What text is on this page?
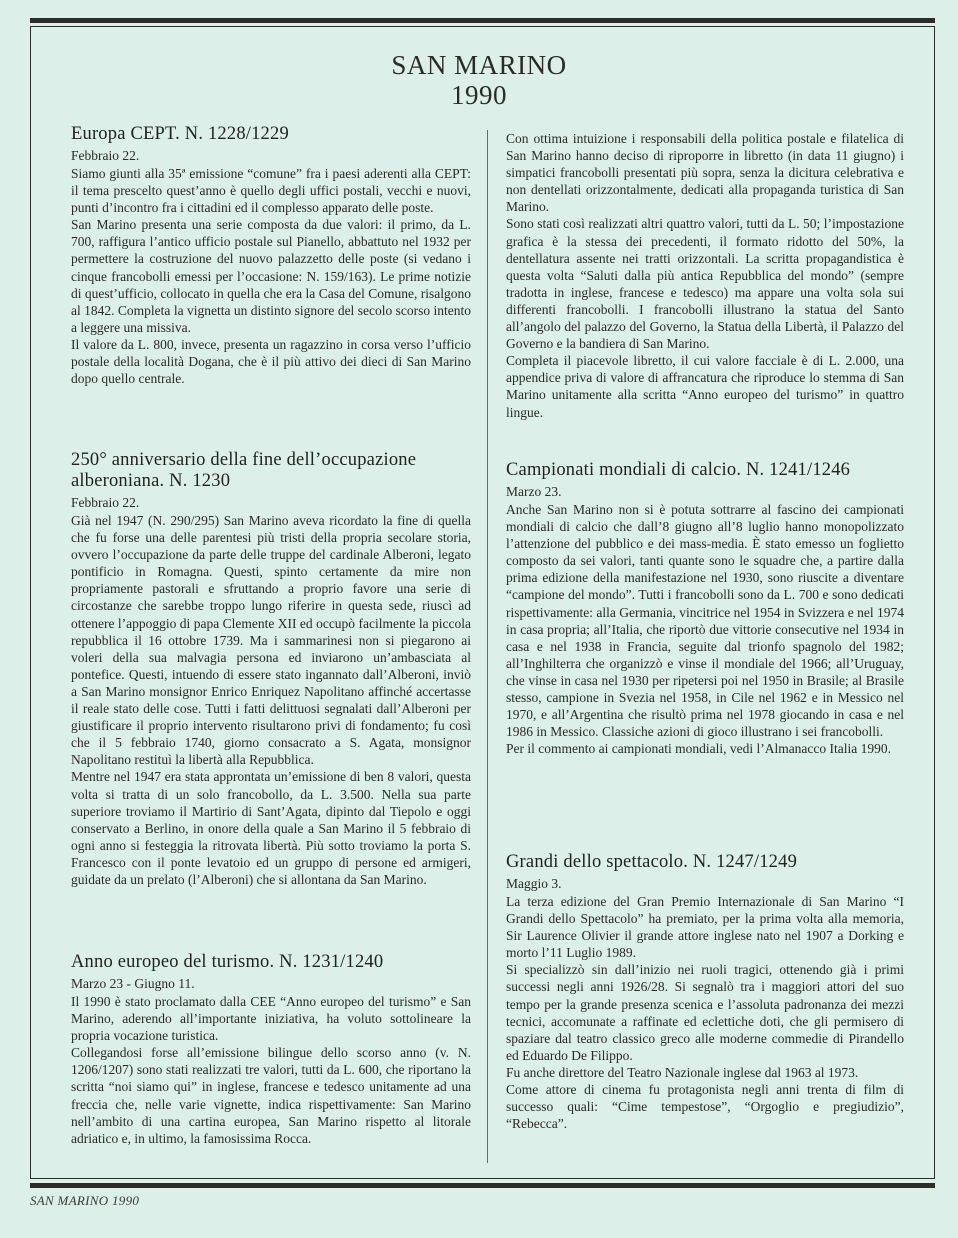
SAN MARINO
1990
Europa CEPT. N. 1228/1229
Febbraio 22.

Siamo giunti alla 35ª emissione “comune” fra i paesi aderenti alla CEPT: il tema prescelto quest’anno è quello degli uffici postali, vecchi e nuovi, punti d’incontro fra i cittadini ed il complesso apparato delle poste.

San Marino presenta una serie composta da due valori: il primo, da L. 700, raffigura l’antico ufficio postale sul Pianello, abbattuto nel 1932 per permettere la costruzione del nuovo palazzetto delle poste (si vedano i cinque francobolli emessi per l’occasione: N. 159/163). Le prime notizie di quest’ufficio, collocato in quella che era la Casa del Comune, risalgono al 1842. Completa la vignetta un distinto signore del secolo scorso intento a leggere una missiva.

Il valore da L. 800, invece, presenta un ragazzino in corsa verso l’ufficio postale della località Dogana, che è il più attivo dei dieci di San Marino dopo quello centrale.

250° anniversario della fine dell’occupazione alberoniana. N. 1230
Febbraio 22.

Già nel 1947 (N. 290/295) San Marino aveva ricordato la fine di quella che fu forse una delle parentesi più tristi della propria secolare storia, ovvero l’occupazione da parte delle truppe del cardinale Alberoni, legato pontificio in Romagna. Questi, spinto certamente da mire non propriamente pastorali e sfruttando a proprio favore una serie di circostanze che sarebbe troppo lungo riferire in questa sede, riuscì ad ottenere l’appoggio di papa Clemente XII ed occupò facilmente la piccola repubblica il 16 ottobre 1739. Ma i sammarinesi non si piegarono ai voleri della sua malvagia persona ed inviarono un’ambasciata al pontefice. Questi, intuendo di essere stato ingannato dall’Alberoni, inviò a San Marino monsignor Enrico Enriquez Napolitano affinché accertasse il reale stato delle cose. Tutti i fatti delittuosi segnalati dall’Alberoni per giustificare il proprio intervento risultarono privi di fondamento; fu così che il 5 febbraio 1740, giorno consacrato a S. Agata, monsignor Napolitano restituì la libertà alla Repubblica.

Mentre nel 1947 era stata approntata un’emissione di ben 8 valori, questa volta si tratta di un solo francobollo, da L. 3.500. Nella sua parte superiore troviamo il Martirio di Sant’Agata, dipinto dal Tiepolo e oggi conservato a Berlino, in onore della quale a San Marino il 5 febbraio di ogni anno si festeggia la ritrovata libertà. Più sotto troviamo la porta S. Francesco con il ponte levatoio ed un gruppo di persone ed armigeri, guidate da un prelato (l’Alberoni) che si allontana da San Marino.

Anno europeo del turismo. N. 1231/1240
Marzo 23 - Giugno 11.

Il 1990 è stato proclamato dalla CEE “Anno europeo del turismo” e San Marino, aderendo all’importante iniziativa, ha voluto sottolineare la propria vocazione turistica.

Collegandosi forse all’emissione bilingue dello scorso anno (v. N. 1206/1207) sono stati realizzati tre valori, tutti da L. 600, che riportano la scritta “noi siamo qui” in inglese, francese e tedesco unitamente ad una freccia che, nelle varie vignette, indica rispettivamente: San Marino nell’ambito di una cartina europea, San Marino rispetto al litorale adriatico e, in ultimo, la famosissima Rocca.

Con ottima intuizione i responsabili della politica postale e filatelica di San Marino hanno deciso di riproporre in libretto (in data 11 giugno) i simpatici francobolli presentati più sopra, senza la dicitura celebrativa e non dentellati orizzontalmente, dedicati alla propaganda turistica di San Marino.

Sono stati così realizzati altri quattro valori, tutti da L. 50; l’impostazione grafica è la stessa dei precedenti, il formato ridotto del 50%, la dentellatura assente nei tratti orizzontali. La scritta propagandistica è questa volta “Saluti dalla più antica Repubblica del mondo” (sempre tradotta in inglese, francese e tedesco) ma appare una volta sola sui differenti francobolli. I francobolli illustrano la statua del Santo all’angolo del palazzo del Governo, la Statua della Libertà, il Palazzo del Governo e la bandiera di San Marino.

Completa il piacevole libretto, il cui valore facciale è di L. 2.000, una appendice priva di valore di affrancatura che riproduce lo stemma di San Marino unitamente alla scritta “Anno europeo del turismo” in quattro lingue.

Campionati mondiali di calcio. N. 1241/1246
Marzo 23.

Anche San Marino non si è potuta sottrarre al fascino dei campionati mondiali di calcio che dall’8 giugno all’8 luglio hanno monopolizzato l’attenzione del pubblico e dei mass-media. È stato emesso un foglietto composto da sei valori, tanti quante sono le squadre che, a partire dalla prima edizione della manifestazione nel 1930, sono riuscite a diventare “campione del mondo”. Tutti i francobolli sono da L. 700 e sono dedicati rispettivamente: alla Germania, vincitrice nel 1954 in Svizzera e nel 1974 in casa propria; all’Italia, che riportò due vittorie consecutive nel 1934 in casa e nel 1938 in Francia, seguite dal trionfo spagnolo del 1982; all’Inghilterra che organizzò e vinse il mondiale del 1966; all’Uruguay, che vinse in casa nel 1930 per ripetersi poi nel 1950 in Brasile; al Brasile stesso, campione in Svezia nel 1958, in Cile nel 1962 e in Messico nel 1970, e all’Argentina che risultò prima nel 1978 giocando in casa e nel 1986 in Messico. Classiche azioni di gioco illustrano i sei francobolli.

Per il commento ai campionati mondiali, vedi l’Almanacco Italia 1990.

Grandi dello spettacolo. N. 1247/1249
Maggio 3.

La terza edizione del Gran Premio Internazionale di San Marino “I Grandi dello Spettacolo” ha premiato, per la prima volta alla memoria, Sir Laurence Olivier il grande attore inglese nato nel 1907 a Dorking e morto l’11 Luglio 1989.

Si specializzò sin dall’inizio nei ruoli tragici, ottenendo già i primi successi negli anni 1926/28. Si segnalò tra i maggiori attori del suo tempo per la grande presenza scenica e l’assoluta padronanza dei mezzi tecnici, accomunate a raffinate ed eclettiche doti, che gli permisero di spaziare dal teatro classico greco alle moderne commedie di Pirandello ed Eduardo De Filippo.

Fu anche direttore del Teatro Nazionale inglese dal 1963 al 1973.

Come attore di cinema fu protagonista negli anni trenta di film di successo quali: “Cime tempestose”, “Orgoglio e pregiudizio”, “Rebecca”.

SAN MARINO 1990
